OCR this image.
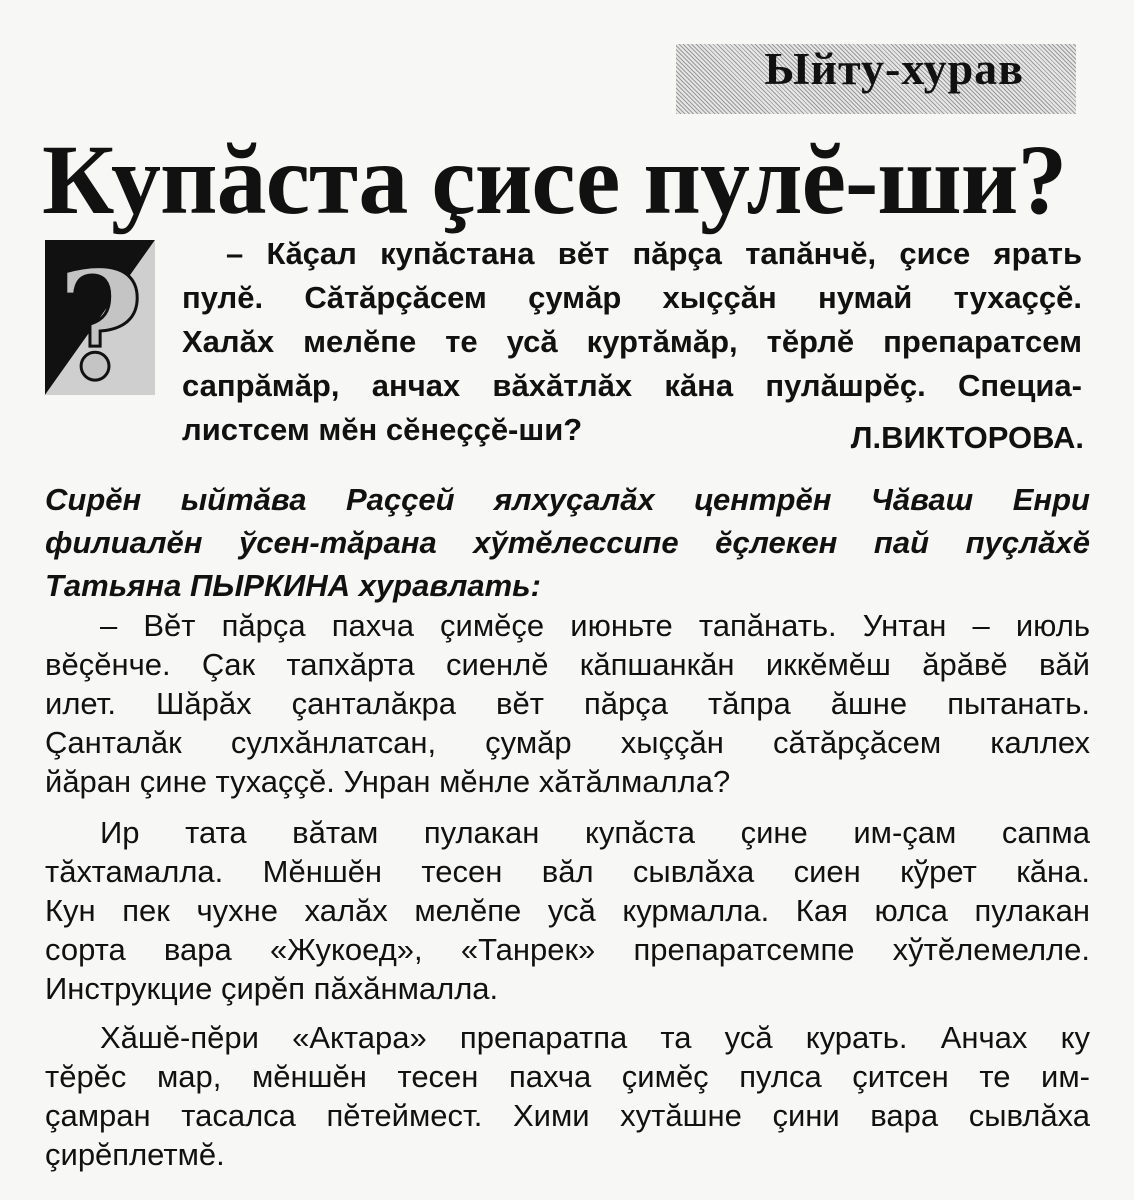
Ыйту-хурав
Купăста çисе пулĕ-ши?
?	– Кăçал купăстана вĕт пăрçа тапăнчĕ, çисе ярать

пулĕ. Сăтăрçăсем çумăр хыççăн нумай тухаççĕ.

Халăх мелĕпе те усă куртăмăр, тĕрлĕ препаратсем

сапрăмăр, анчах вăхăтлăх кăна пулăшрĕç. Специа-

листсем мĕн сĕнеççĕ-ши?	Л.ВИКТОРОВА.

Сирĕн ыйтăва Раççей ялхуçалăх центрĕн Чăваш Енри

филиалĕн ўсен-тăрана хўтĕлессипе ĕçлекен пай пуçлăхĕ

Татьяна ПЫРКИНА хуравлать:

– Вĕт пăрçа пахча çимĕçе июньте тапăнать. Унтан – июль

вĕçĕнче. Çак тапхăрта сиенлĕ кăпшанкăн иккĕмĕш ăрăвĕ вăй

илет. Шăрăх çанталăкра вĕт пăрçа тăпра ăшне пытанать.

Çанталăк сулхăнлатсан, çумăр хыççăн сăтăрçăсем каллех

йăран çине тухаççĕ. Унран мĕнле хăтăлмалла?

Ир тата вăтам пулакан купăста çине им-çам сапма

тăхтамалла. Мĕншĕн тесен вăл сывлăха сиен кўрет кăна.

Кун пек чухне халăх мелĕпе усă курмалла. Кая юлса пулакан

сорта вара «Жукоед», «Танрек» препаратсемпе хўтĕлемелле.

Инструкцие çирĕп пăхăнмалла.

Хăшĕ-пĕри «Актара» препаратпа та усă курать. Анчах ку

тĕрĕс мар, мĕншĕн тесен пахча çимĕç пулса çитсен те им-

çамран тасалса пĕтеймест. Хими хутăшне çини вара сывлăха

çирĕплетмĕ.
